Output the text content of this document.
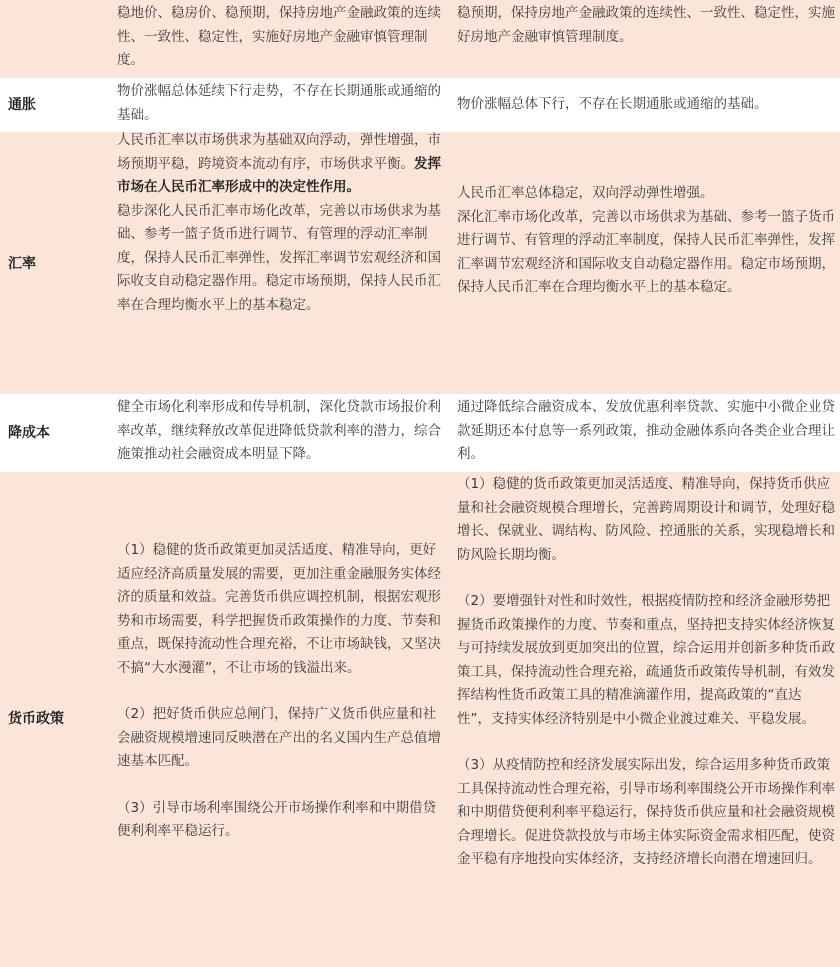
稳地价、稳房价、稳预期，保持房地产金融政策的连续性、一致性、稳定性，实施好房地产金融审慎管理制度。

稳预期，保持房地产金融政策的连续性、一致性、稳定性，实施好房地产金融审慎管理制度。

通胀

物价涨幅总体延续下行走势，不存在长期通胀或通缩的基础。

物价涨幅总体下行，不存在长期通胀或通缩的基础。

汇率

人民币汇率以市场供求为基础双向浮动，弹性增强，市场预期平稳，跨境资本流动有序，市场供求平衡。发挥市场在人民币汇率形成中的决定性作用。

稳步深化人民币汇率市场化改革，完善以市场供求为基础、参考一篮子货币进行调节、有管理的浮动汇率制度，保持人民币汇率弹性，发挥汇率调节宏观经济和国际收支自动稳定器作用。稳定市场预期，保持人民币汇率在合理均衡水平上的基本稳定。

人民币汇率总体稳定，双向浮动弹性增强。

深化汇率市场化改革，完善以市场供求为基础、参考一篮子货币进行调节、有管理的浮动汇率制度，保持人民币汇率弹性，发挥汇率调节宏观经济和国际收支自动稳定器作用。稳定市场预期，保持人民币汇率在合理均衡水平上的基本稳定。

降成本

健全市场化利率形成和传导机制，深化贷款市场报价利率改革，继续释放改革促进降低贷款利率的潜力，综合施策推动社会融资成本明显下降。

通过降低综合融资成本、发放优惠利率贷款、实施中小微企业贷款延期还本付息等一系列政策，推动金融体系向各类企业合理让利。

货币政策

（1）稳健的货币政策更加灵活适度、精准导向，更好适应经济高质量发展的需要，更加注重金融服务实体经济的质量和效益。完善货币供应调控机制，根据宏观形势和市场需要，科学把握货币政策操作的力度、节奏和重点，既保持流动性合理充裕，不让市场缺钱，又坚决不搞“大水漫灌”，不让市场的钱溢出来。

（2）把好货币供应总闸门，保持广义货币供应量和社会融资规模增速同反映潜在产出的名义国内生产总值增速基本匹配。

（3）引导市场利率围绕公开市场操作利率和中期借贷便利利率平稳运行。

（1）稳健的货币政策更加灵活适度、精准导向，保持货币供应量和社会融资规模合理增长，完善跨周期设计和调节，处理好稳增长、保就业、调结构、防风险、控通胀的关系，实现稳增长和防风险长期均衡。

（2）要增强针对性和时效性，根据疫情防控和经济金融形势把握货币政策操作的力度、节奏和重点，坚持把支持实体经济恢复与可持续发展放到更加突出的位置，综合运用并创新多种货币政策工具，保持流动性合理充裕，疏通货币政策传导机制，有效发挥结构性货币政策工具的精准滴灌作用，提高政策的“直达性”，支持实体经济特别是中小微企业渡过难关、平稳发展。

（3）从疫情防控和经济发展实际出发，综合运用多种货币政策工具保持流动性合理充裕，引导市场利率围绕公开市场操作利率和中期借贷便利利率平稳运行，保持货币供应量和社会融资规模合理增长。促进贷款投放与市场主体实际资金需求相匹配，使资金平稳有序地投向实体经济，支持经济增长向潜在增速回归。
